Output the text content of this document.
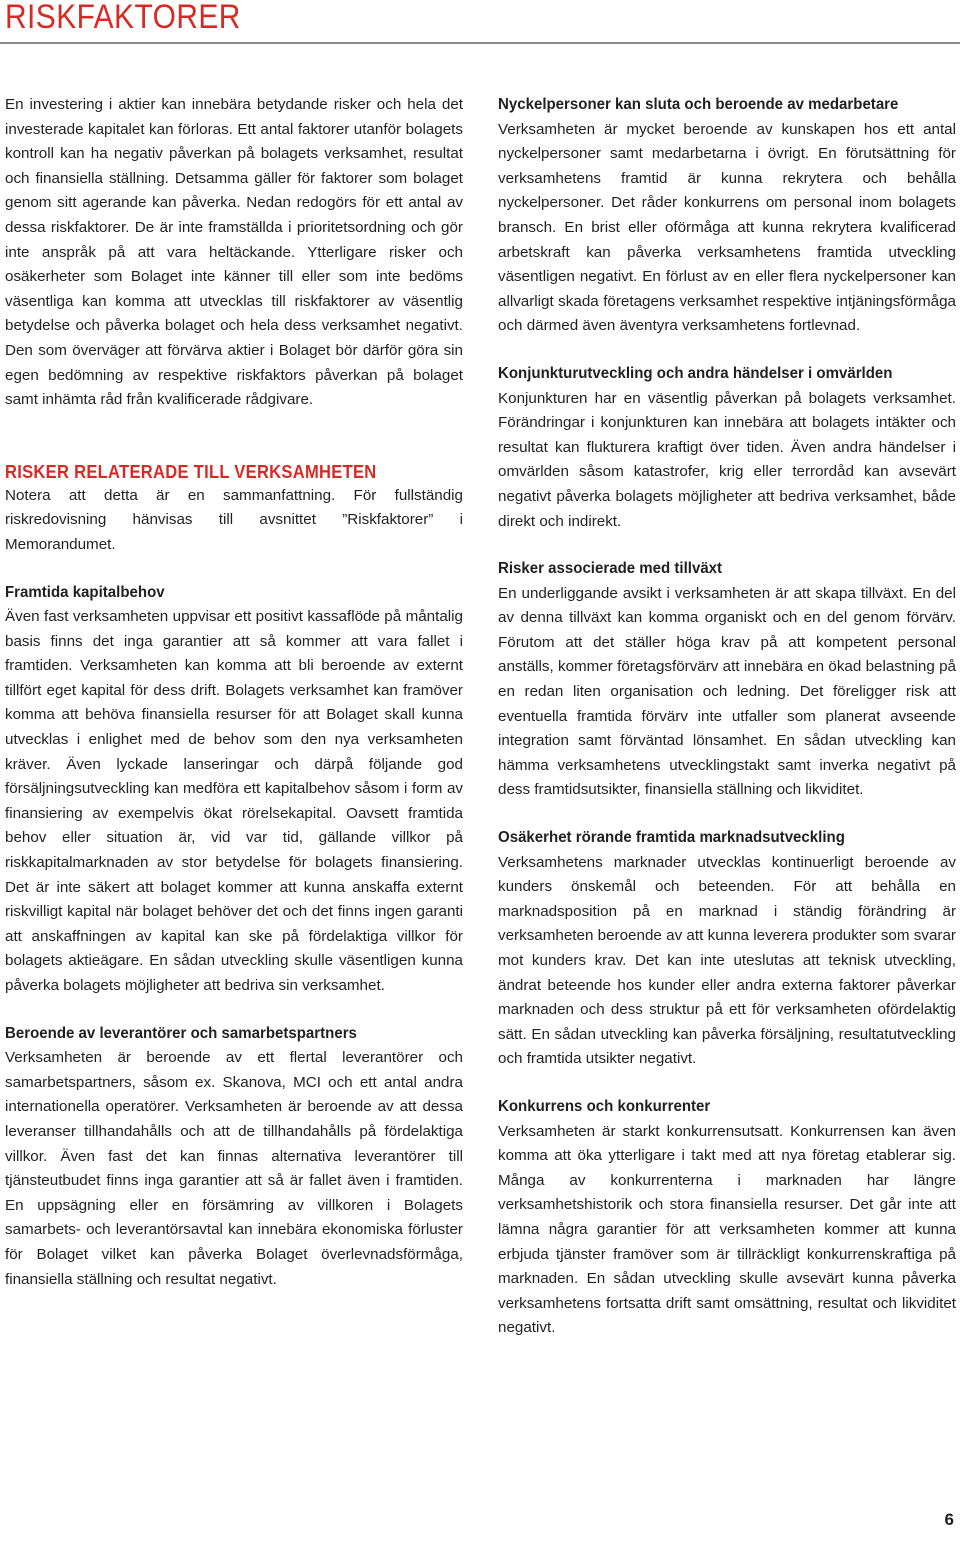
RISKFAKTORER

En investering i aktier kan innebära betydande risker och hela det investerade kapitalet kan förloras. Ett antal faktorer utanför bolagets kontroll kan ha negativ påverkan på bolagets verksamhet, resultat och finansiella ställning. Detsamma gäller för faktorer som bolaget genom sitt agerande kan påverka. Nedan redogörs för ett antal av dessa riskfaktorer. De är inte framställda i prioritetsordning och gör inte anspråk på att vara heltäckande. Ytterligare risker och osäkerheter som Bolaget inte känner till eller som inte bedöms väsentliga kan komma att utvecklas till riskfaktorer av väsentlig betydelse och påverka bolaget och hela dess verksamhet negativt. Den som överväger att förvärva aktier i Bolaget bör därför göra sin egen bedömning av respektive riskfaktors påverkan på bolaget samt inhämta råd från kvalificerade rådgivare.

RISKER RELATERADE TILL VERKSAMHETEN

Notera att detta är en sammanfattning. För fullständig riskredovisning hänvisas till avsnittet ”Riskfaktorer” i Memorandumet.

Framtida kapitalbehov

Även fast verksamheten uppvisar ett positivt kassaflöde på måntalig basis finns det inga garantier att så kommer att vara fallet i framtiden. Verksamheten kan komma att bli beroende av externt tillfört eget kapital för dess drift. Bolagets verksamhet kan framöver komma att behöva finansiella resurser för att Bolaget skall kunna utvecklas i enlighet med de behov som den nya verksamheten kräver. Även lyckade lanseringar och därpå följande god försäljningsutveckling kan medföra ett kapitalbehov såsom i form av finansiering av exempelvis ökat rörelsekapital. Oavsett framtida behov eller situation är, vid var tid, gällande villkor på riskkapitalmarknaden av stor betydelse för bolagets finansiering. Det är inte säkert att bolaget kommer att kunna anskaffa externt riskvilligt kapital när bolaget behöver det och det finns ingen garanti att anskaffningen av kapital kan ske på fördelaktiga villkor för bolagets aktieägare. En sådan utveckling skulle väsentligen kunna påverka bolagets möjligheter att bedriva sin verksamhet.

Beroende av leverantörer och samarbetspartners

Verksamheten är beroende av ett flertal leverantörer och samarbetspartners, såsom ex. Skanova, MCI och ett antal andra internationella operatörer. Verksamheten är beroende av att dessa leveranser tillhandahålls och att de tillhandahålls på fördelaktiga villkor. Även fast det kan finnas alternativa leverantörer till tjänsteutbudet finns inga garantier att så är fallet även i framtiden. En uppsägning eller en försämring av villkoren i Bolagets samarbets- och leverantörsavtal kan innebära ekonomiska förluster för Bolaget vilket kan påverka Bolaget överlevnadsförmåga, finansiella ställning och resultat negativt.

Nyckelpersoner kan sluta och beroende av medarbetare

Verksamheten är mycket beroende av kunskapen hos ett antal nyckelpersoner samt medarbetarna i övrigt. En förutsättning för verksamhetens framtid är kunna rekrytera och behålla nyckelpersoner. Det råder konkurrens om personal inom bolagets bransch. En brist eller oförmåga att kunna rekrytera kvalificerad arbetskraft kan påverka verksamhetens framtida utveckling väsentligen negativt. En förlust av en eller flera nyckelpersoner kan allvarligt skada företagens verksamhet respektive intjäningsförmåga och därmed även äventyra verksamhetens fortlevnad.

Konjunkturutveckling och andra händelser i omvärlden

Konjunkturen har en väsentlig påverkan på bolagets verksamhet. Förändringar i konjunkturen kan innebära att bolagets intäkter och resultat kan flukturera kraftigt över tiden. Även andra händelser i omvärlden såsom katastrofer, krig eller terrordåd kan avsevärt negativt påverka bolagets möjligheter att bedriva verksamhet, både direkt och indirekt.

Risker associerade med tillväxt

En underliggande avsikt i verksamheten är att skapa tillväxt. En del av denna tillväxt kan komma organiskt och en del genom förvärv. Förutom att det ställer höga krav på att kompetent personal anställs, kommer företagsförvärv att innebära en ökad belastning på en redan liten organisation och ledning. Det föreligger risk att eventuella framtida förvärv inte utfaller som planerat avseende integration samt förväntad lönsamhet. En sådan utveckling kan hämma verksamhetens utvecklingstakt samt inverka negativt på dess framtidsutsikter, finansiella ställning och likviditet.

Osäkerhet rörande framtida marknadsutveckling

Verksamhetens marknader utvecklas kontinuerligt beroende av kunders önskemål och beteenden. För att behålla en marknadsposition på en marknad i ständig förändring är verksamheten beroende av att kunna leverera produkter som svarar mot kunders krav. Det kan inte uteslutas att teknisk utveckling, ändrat beteende hos kunder eller andra externa faktorer påverkar marknaden och dess struktur på ett för verksamheten ofördelaktig sätt. En sådan utveckling kan påverka försäljning, resultatutveckling och framtida utsikter negativt.

Konkurrens och konkurrenter

Verksamheten är starkt konkurrensutsatt. Konkurrensen kan även komma att öka ytterligare i takt med att nya företag etablerar sig. Många av konkurrenterna i marknaden har längre verksamhetshistorik och stora finansiella resurser. Det går inte att lämna några garantier för att verksamheten kommer att kunna erbjuda tjänster framöver som är tillräckligt konkurrenskraftiga på marknaden. En sådan utveckling skulle avsevärt kunna påverka verksamhetens fortsatta drift samt omsättning, resultat och likviditet negativt.

6
